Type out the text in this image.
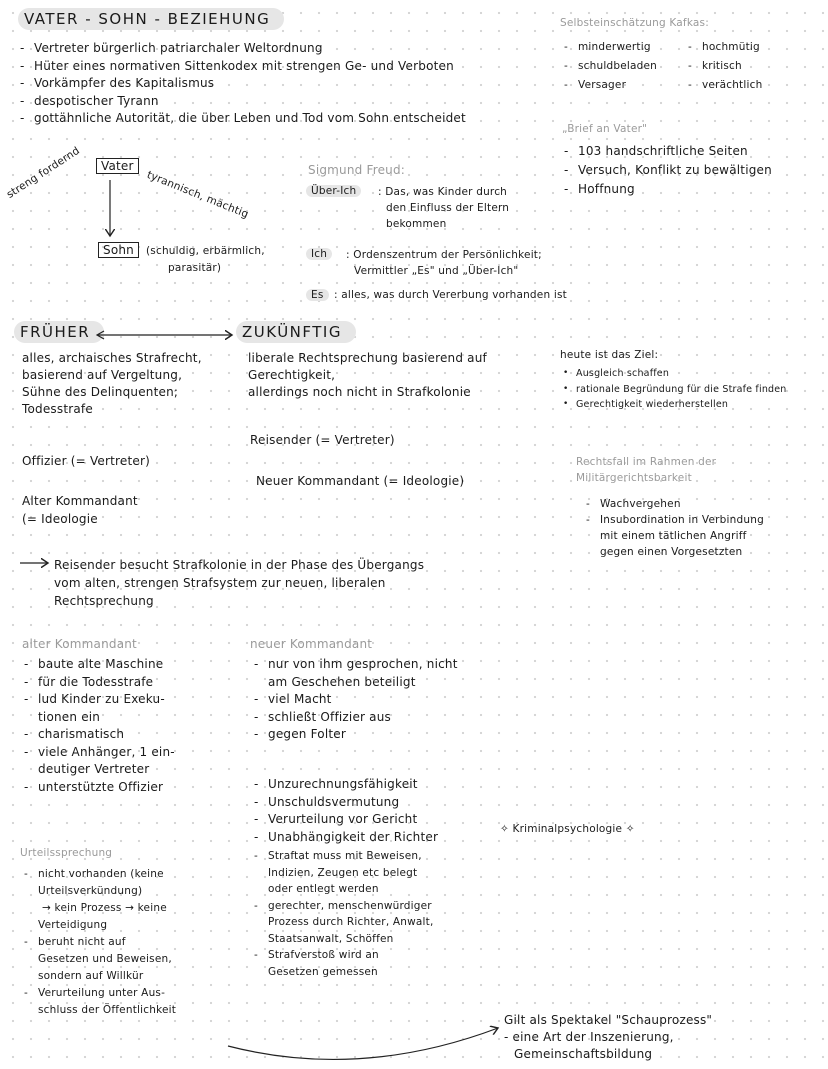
VATER - SOHN - BEZIEHUNG
- Vertreter bürgerlich patriarchaler Weltordnung
- Hüter eines normativen Sittenkodex mit strengen Ge- und Verboten
- Vorkämpfer des Kapitalismus
- despotischer Tyrann
- gottähnliche Autorität, die über Leben und Tod vom Sohn entscheidet
Vater
streng fordernd	tyrannisch, mächtig
Sohn	(schuldig, erbärmlich,
parasitär)
Sigmund Freud:
Über-Ich	: Das, was Kinder durch
den Einfluss der Eltern
bekommen
Ich	: Ordenszentrum der Persönlichkeit;
Vermittler „Es" und „Über-Ich"
Es : alles, was durch Vererbung vorhanden ist
Selbsteinschätzung Kafkas:
- minderwertig
- schuldbeladen
- Versager
- hochmütig
- kritisch
- verächtlich
„Brief an Vater"
- 103 handschriftliche Seiten
- Versuch, Konflikt zu bewältigen
- Hoffnung
FRÜHER	ZUKÜNFTIG
alles, archaisches Strafrecht,
basierend auf Vergeltung,
Sühne des Delinquenten;
Todesstrafe
Offizier (= Vertreter)
Alter Kommandant
(= Ideologie
liberale Rechtsprechung basierend auf
Gerechtigkeit,
allerdings noch nicht in Strafkolonie
Reisender (= Vertreter)
Neuer Kommandant (= Ideologie)
heute ist das Ziel:
• Ausgleich schaffen
• rationale Begründung für die Strafe finden
• Gerechtigkeit wiederherstellen
Rechtsfall im Rahmen der
Militärgerichtsbarkeit
- Wachvergehen
- Insubordination in Verbindung
mit einem tätlichen Angriff
gegen einen Vorgesetzten
Reisender besucht Strafkolonie in der Phase des Übergangs
vom alten, strengen Strafsystem zur neuen, liberalen
Rechtsprechung
alter Kommandant
- baute alte Maschine
- für die Todesstrafe
- lud Kinder zu Exeku-
tionen ein
- charismatisch
- viele Anhänger, 1 ein-
deutiger Vertreter
- unterstützte Offizier
neuer Kommandant
- nur von ihm gesprochen, nicht
am Geschehen beteiligt
- viel Macht
- schließt Offizier aus
- gegen Folter
- Unzurechnungsfähigkeit
- Unschuldsvermutung
- Verurteilung vor Gericht
- Unabhängigkeit der Richter
- Straftat muss mit Beweisen,
Indizien, Zeugen etc belegt
oder entlegt werden
- gerechter, menschenwürdiger
Prozess durch Richter, Anwalt,
Staatsanwalt, Schöffen
- Strafverstoß wird an
Gesetzen gemessen
✧ Kriminalpsychologie ✧
Urteilssprechung
- nicht vorhanden (keine
Urteilsverkündung)
→ kein Prozess → keine
Verteidigung
- beruht nicht auf
Gesetzen und Beweisen,
sondern auf Willkür
- Verurteilung unter Aus-
schluss der Öffentlichkeit
Gilt als Spektakel "Schauprozess"
- eine Art der Inszenierung,
Gemeinschaftsbildung
